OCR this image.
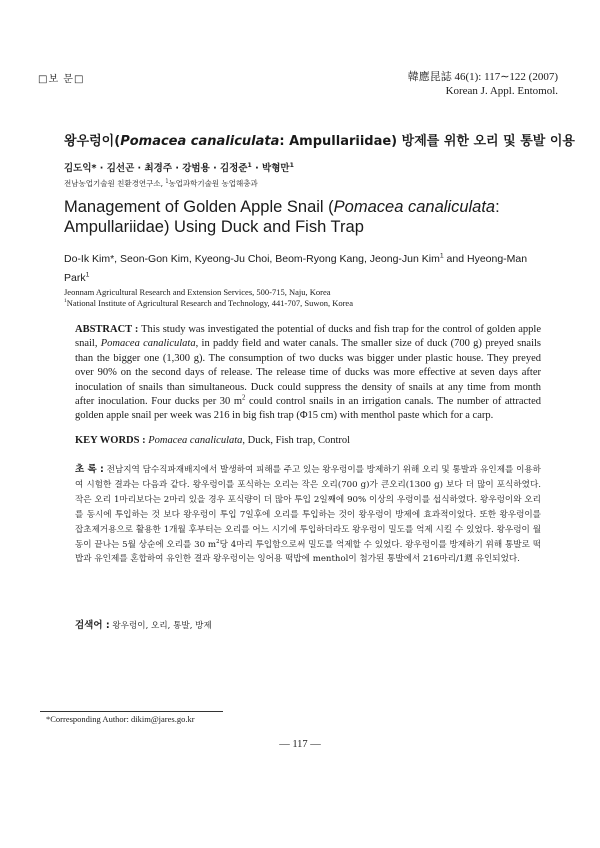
□보 문□	韓應昆誌 46(1): 117∼122 (2007)
Korean J. Appl. Entomol.
왕우렁이(Pomacea canaliculata: Ampullariidae) 방제를 위한 오리 및 통발 이용
김도익* · 김선곤 · 최경주 · 강범용 · 김정준$^1$ · 박형만$^1$
전남농업기술원 친환경연구소, $^1$농업과학기술원 농업해충과
Management of Golden Apple Snail (Pomacea canaliculata: Ampullariidae) Using Duck and Fish Trap
Do-Ik Kim*, Seon-Gon Kim, Kyeong-Ju Choi, Beom-Ryong Kang, Jeong-Jun Kim$^1$ and Hyeong-Man Park$^1$
Jeonnam Agricultural Research and Extension Services, 500-715, Naju, Korea
$^1$National Institute of Agricultural Research and Technology, 441-707, Suwon, Korea
ABSTRACT : This study was investigated the potential of ducks and fish trap for the control of golden apple snail, Pomacea canaliculata, in paddy field and water canals. The smaller size of duck (700 g) preyed snails than the bigger one (1,300 g). The consumption of two ducks was bigger under plastic house. They preyed over 90% on the second days of release. The release time of ducks was more effective at seven days after inoculation of snails than simultaneous. Duck could suppress the density of snails at any time from month after inoculation. Four ducks per 30 $m^2$ could control snails in an irrigation canals. The number of attracted golden apple snail per week was 216 in big fish trap (Φ15 cm) with menthol paste which for a carp.
KEY WORDS : Pomacea canaliculata, Duck, Fish trap, Control
초 록 : 전남지역 담수직파재배지에서 발생하여 피해를 주고 있는 왕우렁이를 방제하기 위해 오리 및 통발과 유인제를 이용하여 시험한 결과는 다음과 같다. 왕우렁이를 포식하는 오리는 작은 오리(700 g)가 큰오리(1300 g) 보다 더 많이 포식하였다. 작은 오리 1마리보다는 2마리 있을 경우 포식량이 더 많아 투입 2일째에 90% 이상의 우렁이를 섭식하였다. 왕우렁이와 오리를 동시에 투입하는 것 보다 왕우렁이 투입 7일후에 오리를 투입하는 것이 왕우렁이 방제에 효과적이었다. 또한 왕우렁이를 잡초제거용으로 활용한 1개월 후부터는 오리를 어느 시기에 투입하더라도 왕우렁이 밀도를 억제 시킬 수 있었다. 왕우렁이 월동이 끝나는 5월 상순에 오리를 30 $m^2$당 4마리 투입함으로써 밀도를 억제할 수 있었다. 왕우렁이를 방제하기 위해 통발로 떡밥과 유인제를 혼합하여 유인한 결과 왕우렁이는 잉어용 떡밥에 menthol이 첨가된 통발에서 216마리/1週 유인되었다.
검색어 : 왕우렁이, 오리, 통발, 방제
*Corresponding Author: dikim@jares.go.kr
— 117 —
